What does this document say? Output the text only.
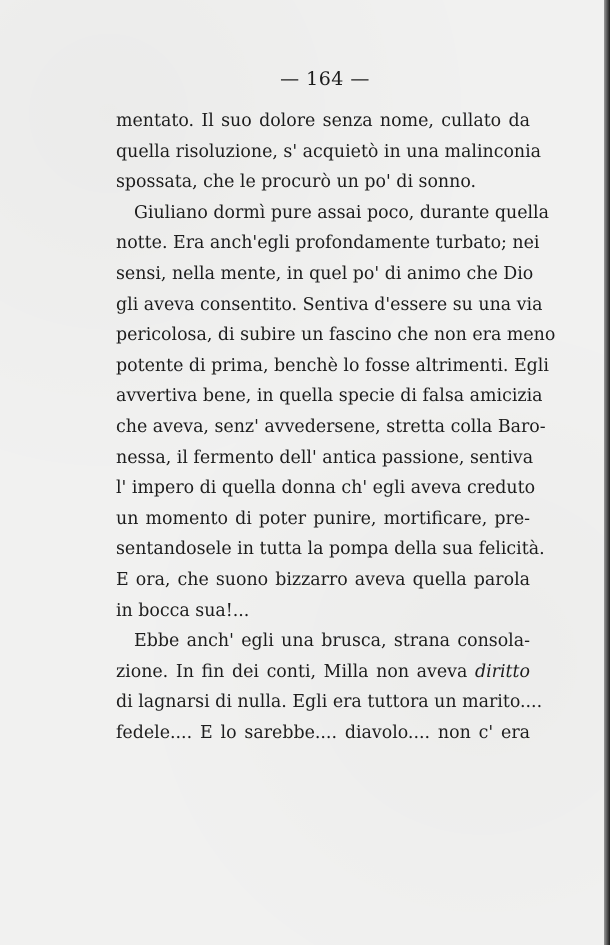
— 164 —
mentato. Il suo dolore senza nome, cullato da
quella risoluzione, s' acquietò in una malinconia
spossata, che le procurò un po' di sonno.
Giuliano dormì pure assai poco, durante quella
notte. Era anch'egli profondamente turbato; nei
sensi, nella mente, in quel po' di animo che Dio
gli aveva consentito. Sentiva d'essere su una via
pericolosa, di subire un fascino che non era meno
potente di prima, benchè lo fosse altrimenti. Egli
avvertiva bene, in quella specie di falsa amicizia
che aveva, senz' avvedersene, stretta colla Baro-
nessa, il fermento dell' antica passione, sentiva
l' impero di quella donna ch' egli aveva creduto
un momento di poter punire, mortificare, pre-
sentandosele in tutta la pompa della sua felicità.
E ora, che suono bizzarro aveva quella parola
in bocca sua!...
Ebbe anch' egli una brusca, strana consola-
zione. In fin dei conti, Milla non aveva diritto
di lagnarsi di nulla. Egli era tuttora un marito....
fedele.... E lo sarebbe.... diavolo.... non c' era
